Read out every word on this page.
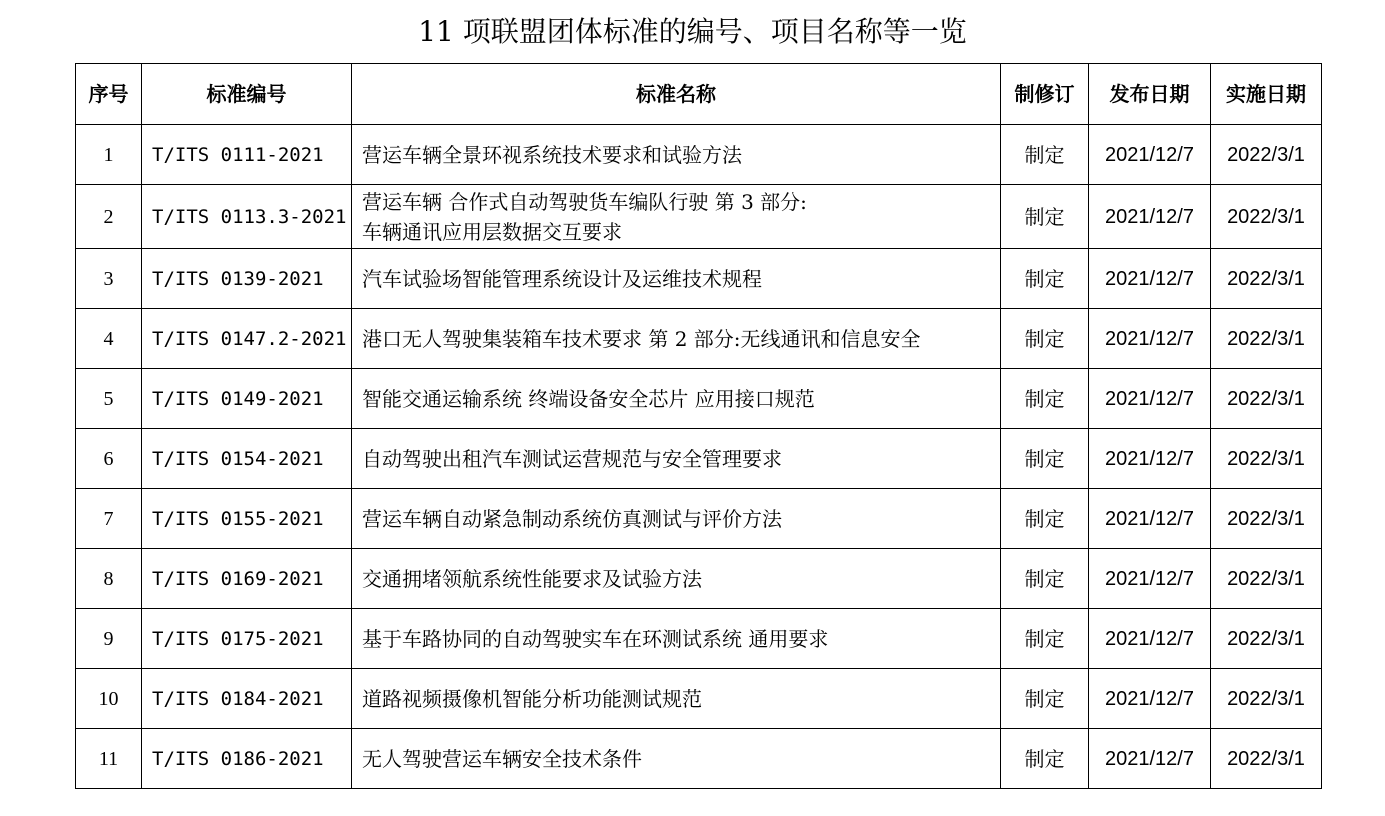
11 项联盟团体标准的编号、项目名称等一览
序号	标准编号	标准名称	制修订	发布日期	实施日期
1	T/ITS 0111-2021	营运车辆全景环视系统技术要求和试验方法	制定	2021/12/7	2022/3/1
2	T/ITS 0113.3-2021	营运车辆 合作式自动驾驶货车编队行驶 第 3 部分:
车辆通讯应用层数据交互要求	制定	2021/12/7	2022/3/1
3	T/ITS 0139-2021	汽车试验场智能管理系统设计及运维技术规程	制定	2021/12/7	2022/3/1
4	T/ITS 0147.2-2021	港口无人驾驶集装箱车技术要求 第 2 部分:无线通讯和信息安全	制定	2021/12/7	2022/3/1
5	T/ITS 0149-2021	智能交通运输系统 终端设备安全芯片 应用接口规范	制定	2021/12/7	2022/3/1
6	T/ITS 0154-2021	自动驾驶出租汽车测试运营规范与安全管理要求	制定	2021/12/7	2022/3/1
7	T/ITS 0155-2021	营运车辆自动紧急制动系统仿真测试与评价方法	制定	2021/12/7	2022/3/1
8	T/ITS 0169-2021	交通拥堵领航系统性能要求及试验方法	制定	2021/12/7	2022/3/1
9	T/ITS 0175-2021	基于车路协同的自动驾驶实车在环测试系统 通用要求	制定	2021/12/7	2022/3/1
10	T/ITS 0184-2021	道路视频摄像机智能分析功能测试规范	制定	2021/12/7	2022/3/1
11	T/ITS 0186-2021	无人驾驶营运车辆安全技术条件	制定	2021/12/7	2022/3/1
